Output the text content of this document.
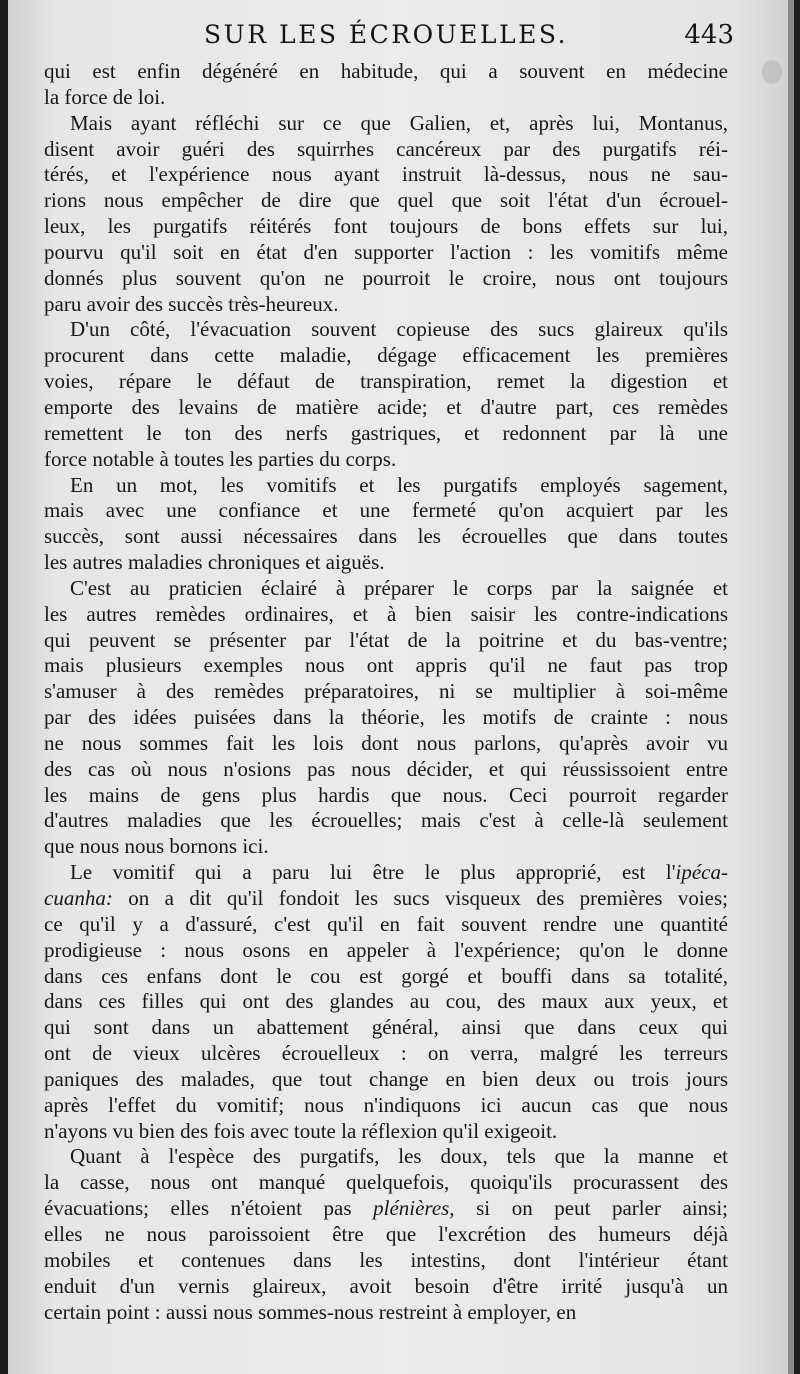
SUR LES ÉCROUELLES.	443
qui est enfin dégénéré en habitude, qui a souvent en médecine
la force de loi.
Mais ayant réfléchi sur ce que Galien, et, après lui, Montanus,
disent avoir guéri des squirrhes cancéreux par des purgatifs réi-
térés, et l'expérience nous ayant instruit là-dessus, nous ne sau-
rions nous empêcher de dire que quel que soit l'état d'un écrouel-
leux, les purgatifs réitérés font toujours de bons effets sur lui,
pourvu qu'il soit en état d'en supporter l'action : les vomitifs même
donnés plus souvent qu'on ne pourroit le croire, nous ont toujours
paru avoir des succès très-heureux.
D'un côté, l'évacuation souvent copieuse des sucs glaireux qu'ils
procurent dans cette maladie, dégage efficacement les premières
voies, répare le défaut de transpiration, remet la digestion et
emporte des levains de matière acide; et d'autre part, ces remèdes
remettent le ton des nerfs gastriques, et redonnent par là une
force notable à toutes les parties du corps.
En un mot, les vomitifs et les purgatifs employés sagement,
mais avec une confiance et une fermeté qu'on acquiert par les
succès, sont aussi nécessaires dans les écrouelles que dans toutes
les autres maladies chroniques et aiguës.
C'est au praticien éclairé à préparer le corps par la saignée et
les autres remèdes ordinaires, et à bien saisir les contre-indications
qui peuvent se présenter par l'état de la poitrine et du bas-ventre;
mais plusieurs exemples nous ont appris qu'il ne faut pas trop
s'amuser à des remèdes préparatoires, ni se multiplier à soi-même
par des idées puisées dans la théorie, les motifs de crainte : nous
ne nous sommes fait les lois dont nous parlons, qu'après avoir vu
des cas où nous n'osions pas nous décider, et qui réussissoient entre
les mains de gens plus hardis que nous. Ceci pourroit regarder
d'autres maladies que les écrouelles; mais c'est à celle-là seulement
que nous nous bornons ici.
Le vomitif qui a paru lui être le plus approprié, est l'ipéca-
cuanha: on a dit qu'il fondoit les sucs visqueux des premières voies;
ce qu'il y a d'assuré, c'est qu'il en fait souvent rendre une quantité
prodigieuse : nous osons en appeler à l'expérience; qu'on le donne
dans ces enfans dont le cou est gorgé et bouffi dans sa totalité,
dans ces filles qui ont des glandes au cou, des maux aux yeux, et
qui sont dans un abattement général, ainsi que dans ceux qui
ont de vieux ulcères écrouelleux : on verra, malgré les terreurs
paniques des malades, que tout change en bien deux ou trois jours
après l'effet du vomitif; nous n'indiquons ici aucun cas que nous
n'ayons vu bien des fois avec toute la réflexion qu'il exigeoit.
Quant à l'espèce des purgatifs, les doux, tels que la manne et
la casse, nous ont manqué quelquefois, quoiqu'ils procurassent des
évacuations; elles n'étoient pas plénières, si on peut parler ainsi;
elles ne nous paroissoient être que l'excrétion des humeurs déjà
mobiles et contenues dans les intestins, dont l'intérieur étant
enduit d'un vernis glaireux, avoit besoin d'être irrité jusqu'à un
certain point : aussi nous sommes-nous restreint à employer, en
